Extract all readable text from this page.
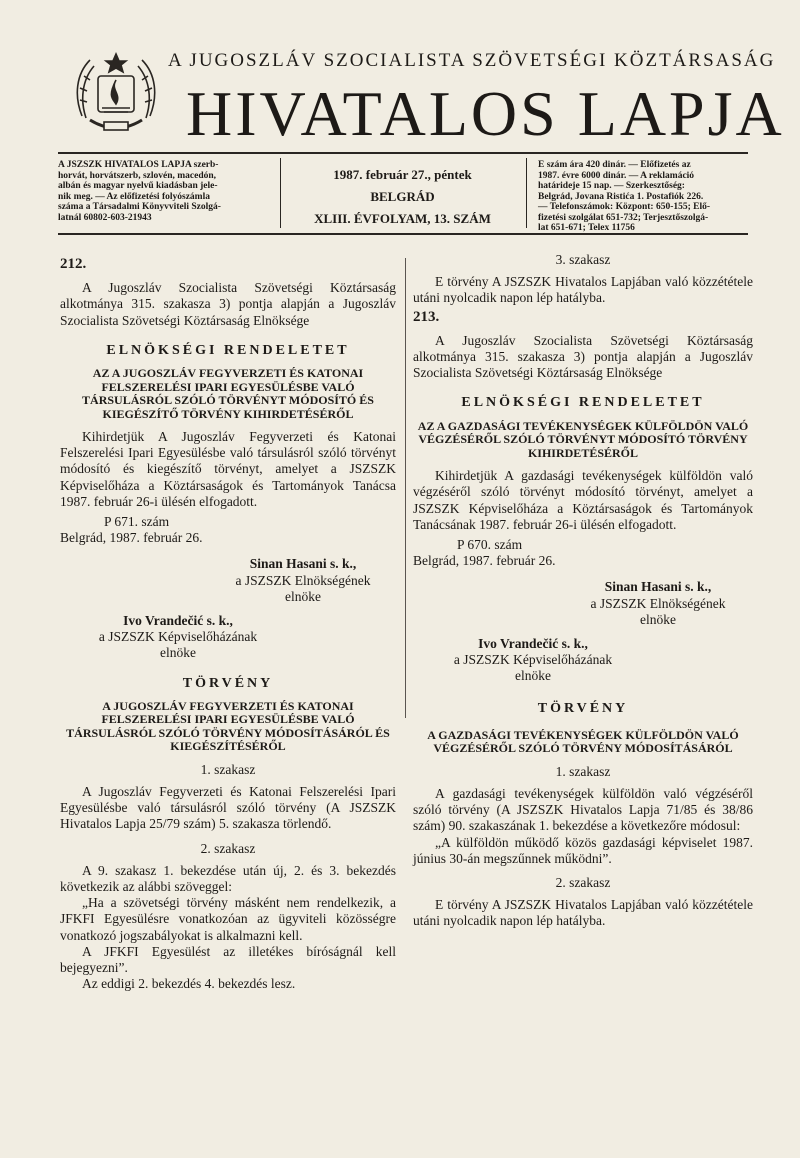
A JUGOSZLÁV SZOCIALISTA SZÖVETSÉGI KÖZTÁRSASÁG
HIVATALOS LAPJA
A JSZSZK HIVATALOS LAPJA szerb-
horvát, horvátszerb, szlovén, macedón,
albán és magyar nyelvű kiadásban jele-
nik meg. — Az előfizetési folyószámla
száma a Társadalmi Könyvviteli Szolgá-
latnál 60802-603-21943
1987. február 27., péntek
BELGRÁD
XLIII. ÉVFOLYAM, 13. SZÁM
E szám ára 420 dinár. — Előfizetés az
1987. évre 6000 dinár. — A reklamáció
határideje 15 nap. — Szerkesztőség:
Belgrád, Jovana Ristića 1. Postafiók 226.
— Telefonszámok: Központ: 650-155; Elő-
fizetési szolgálat 651-732; Terjesztőszolgá-
lat 651-671; Telex 11756

212.

A Jugoszláv Szocialista Szövetségi Köztársaság alkotmánya 315. szakasza 3) pontja alapján a Jugoszláv Szocialista Szövetségi Köztársaság Elnöksége

ELNÖKSÉGI RENDELETET

AZ A JUGOSZLÁV FEGYVERZETI ÉS KATONAI FELSZERELÉSI IPARI EGYESÜLÉSBE VALÓ TÁRSULÁSRÓL SZÓLÓ TÖRVÉNYT MÓDOSÍTÓ ÉS KIEGÉSZÍTŐ TÖRVÉNY KIHIRDETÉSÉRŐL

Kihirdetjük A Jugoszláv Fegyverzeti és Katonai Felszerelési Ipari Egyesülésbe való társulásról szóló törvényt módosító és kiegészítő törvényt, amelyet a JSZSZK Képviselőháza a Köztársaságok és Tartományok Tanácsa 1987. február 26-i ülésén elfogadott.

P 671. szám

Belgrád, 1987. február 26.

Sinan Hasani s. k.,

a JSZSZK Elnökségének

elnöke

Ivo Vrandečić s. k.,

a JSZSZK Képviselőházának

elnöke

TÖRVÉNY

A JUGOSZLÁV FEGYVERZETI ÉS KATONAI FELSZERELÉSI IPARI EGYESÜLÉSBE VALÓ TÁRSULÁSRÓL SZÓLÓ TÖRVÉNY MÓDOSÍTÁSÁRÓL ÉS KIEGÉSZÍTÉSÉRŐL

1. szakasz

A Jugoszláv Fegyverzeti és Katonai Felszerelési Ipari Egyesülésbe való társulásról szóló törvény (A JSZSZK Hivatalos Lapja 25/79 szám) 5. szakasza törlendő.

2. szakasz

A 9. szakasz 1. bekezdése után új, 2. és 3. bekezdés következik az alábbi szöveggel:

„Ha a szövetségi törvény másként nem rendelkezik, a JFKFI Egyesülésre vonatkozóan az ügyviteli közösségre vonatkozó jogszabályokat is alkalmazni kell.

A JFKFI Egyesülést az illetékes bíróságnál kell bejegyezni”.

Az eddigi 2. bekezdés 4. bekezdés lesz.

3. szakasz

E törvény A JSZSZK Hivatalos Lapjában való közzététele utáni nyolcadik napon lép hatályba.

213.

A Jugoszláv Szocialista Szövetségi Köztársaság alkotmánya 315. szakasza 3) pontja alapján a Jugoszláv Szocialista Szövetségi Köztársaság Elnöksége

ELNÖKSÉGI RENDELETET

AZ A GAZDASÁGI TEVÉKENYSÉGEK KÜLFÖLDÖN VALÓ VÉGZÉSÉRŐL SZÓLÓ TÖRVÉNYT MÓDOSÍTÓ TÖRVÉNY KIHIRDETÉSÉRŐL

Kihirdetjük A gazdasági tevékenységek külföldön való végzéséről szóló törvényt módosító törvényt, amelyet a JSZSZK Képviselőháza a Köztársaságok és Tartományok Tanácsának 1987. február 26-i ülésén elfogadott.

P 670. szám

Belgrád, 1987. február 26.

Sinan Hasani s. k.,

a JSZSZK Elnökségének

elnöke

Ivo Vrandečić s. k.,

a JSZSZK Képviselőházának

elnöke

TÖRVÉNY

A GAZDASÁGI TEVÉKENYSÉGEK KÜLFÖLDÖN VALÓ VÉGZÉSÉRŐL SZÓLÓ TÖRVÉNY MÓDOSÍTÁSÁRÓL

1. szakasz

A gazdasági tevékenységek külföldön való végzéséről szóló törvény (A JSZSZK Hivatalos Lapja 71/85 és 38/86 szám) 90. szakaszának 1. bekezdése a következőre módosul:

„A külföldön működő közös gazdasági képviselet 1987. június 30-án megszűnnek működni”.

2. szakasz

E törvény A JSZSZK Hivatalos Lapjában való közzététele utáni nyolcadik napon lép hatályba.
